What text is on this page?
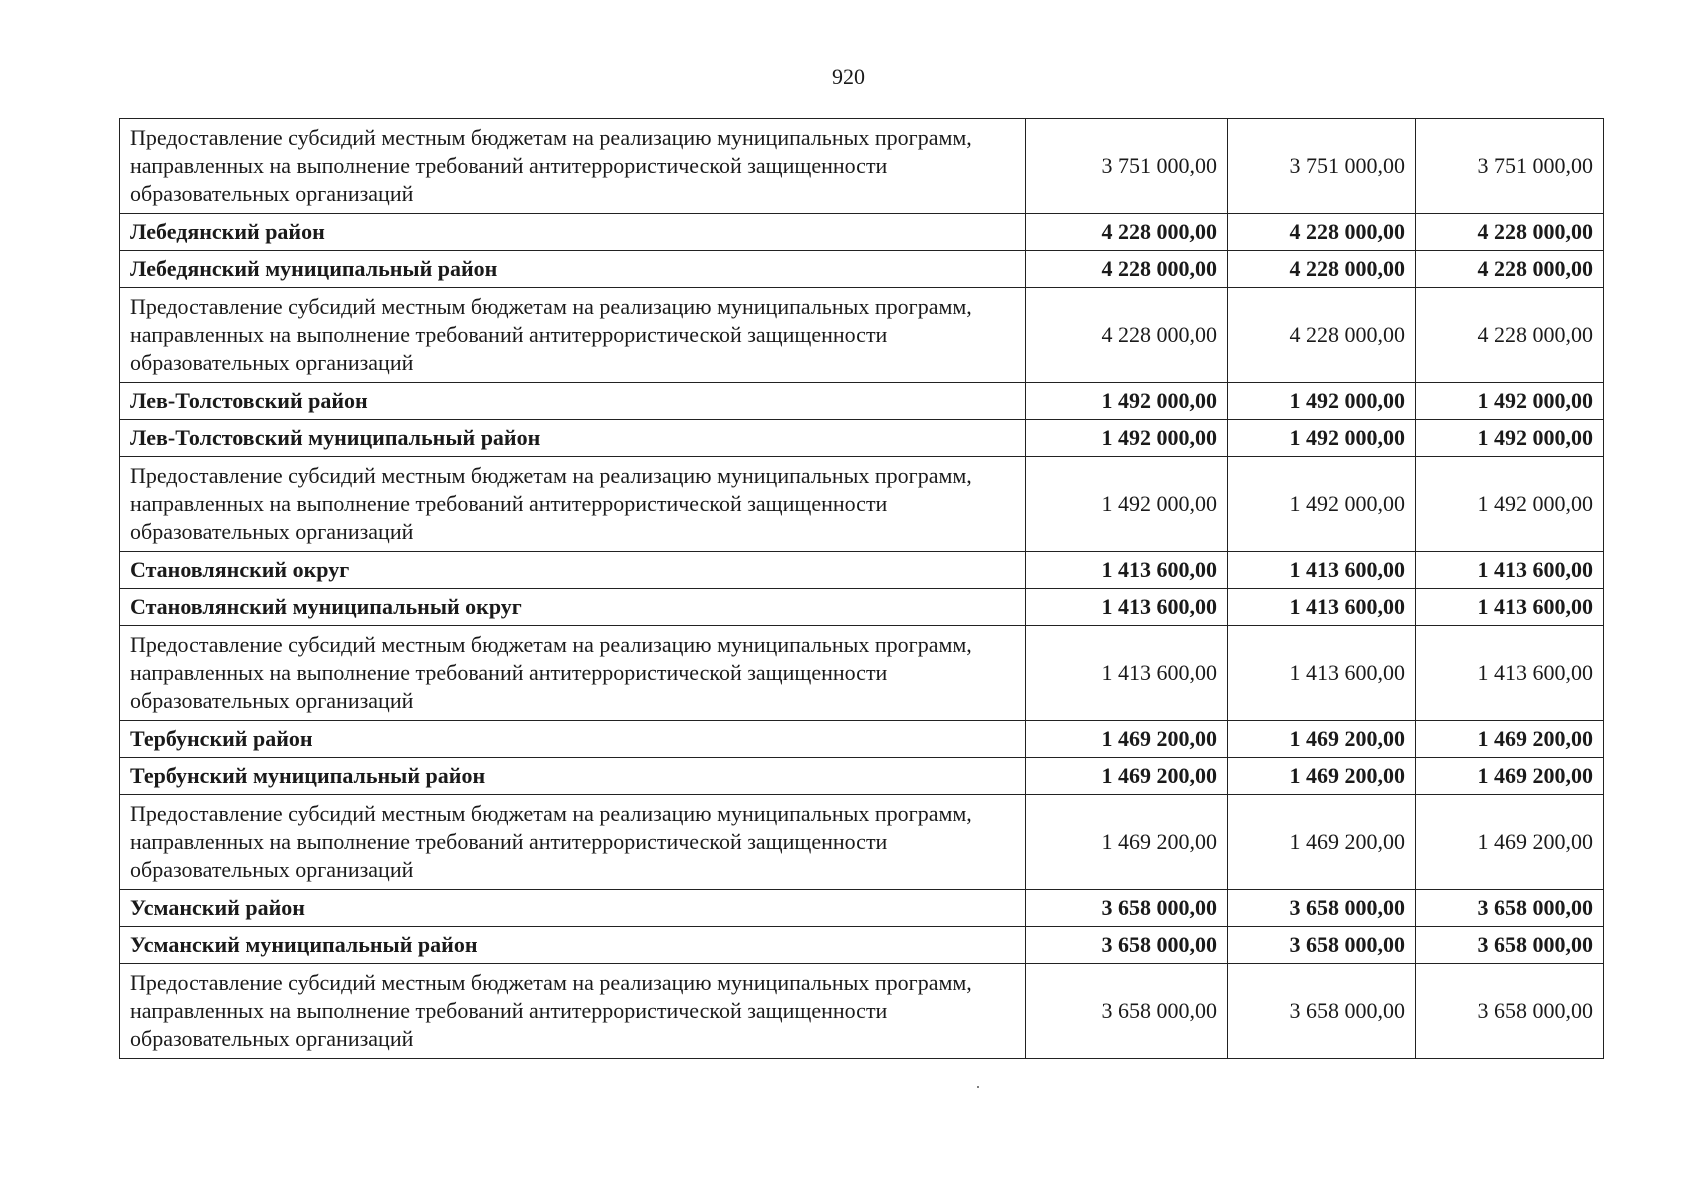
920
Предоставление субсидий местным бюджетам на реализацию муниципальных программ, направленных на выполнение требований антитеррористической защищенности образовательных организаций	3 751 000,00	3 751 000,00	3 751 000,00
Лебедянский район	4 228 000,00	4 228 000,00	4 228 000,00
Лебедянский муниципальный район	4 228 000,00	4 228 000,00	4 228 000,00
Предоставление субсидий местным бюджетам на реализацию муниципальных программ, направленных на выполнение требований антитеррористической защищенности образовательных организаций	4 228 000,00	4 228 000,00	4 228 000,00
Лев-Толстовский район	1 492 000,00	1 492 000,00	1 492 000,00
Лев-Толстовский муниципальный район	1 492 000,00	1 492 000,00	1 492 000,00
Предоставление субсидий местным бюджетам на реализацию муниципальных программ, направленных на выполнение требований антитеррористической защищенности образовательных организаций	1 492 000,00	1 492 000,00	1 492 000,00
Становлянский округ	1 413 600,00	1 413 600,00	1 413 600,00
Становлянский муниципальный округ	1 413 600,00	1 413 600,00	1 413 600,00
Предоставление субсидий местным бюджетам на реализацию муниципальных программ, направленных на выполнение требований антитеррористической защищенности образовательных организаций	1 413 600,00	1 413 600,00	1 413 600,00
Тербунский район	1 469 200,00	1 469 200,00	1 469 200,00
Тербунский муниципальный район	1 469 200,00	1 469 200,00	1 469 200,00
Предоставление субсидий местным бюджетам на реализацию муниципальных программ, направленных на выполнение требований антитеррористической защищенности образовательных организаций	1 469 200,00	1 469 200,00	1 469 200,00
Усманский район	3 658 000,00	3 658 000,00	3 658 000,00
Усманский муниципальный район	3 658 000,00	3 658 000,00	3 658 000,00
Предоставление субсидий местным бюджетам на реализацию муниципальных программ, направленных на выполнение требований антитеррористической защищенности образовательных организаций	3 658 000,00	3 658 000,00	3 658 000,00
